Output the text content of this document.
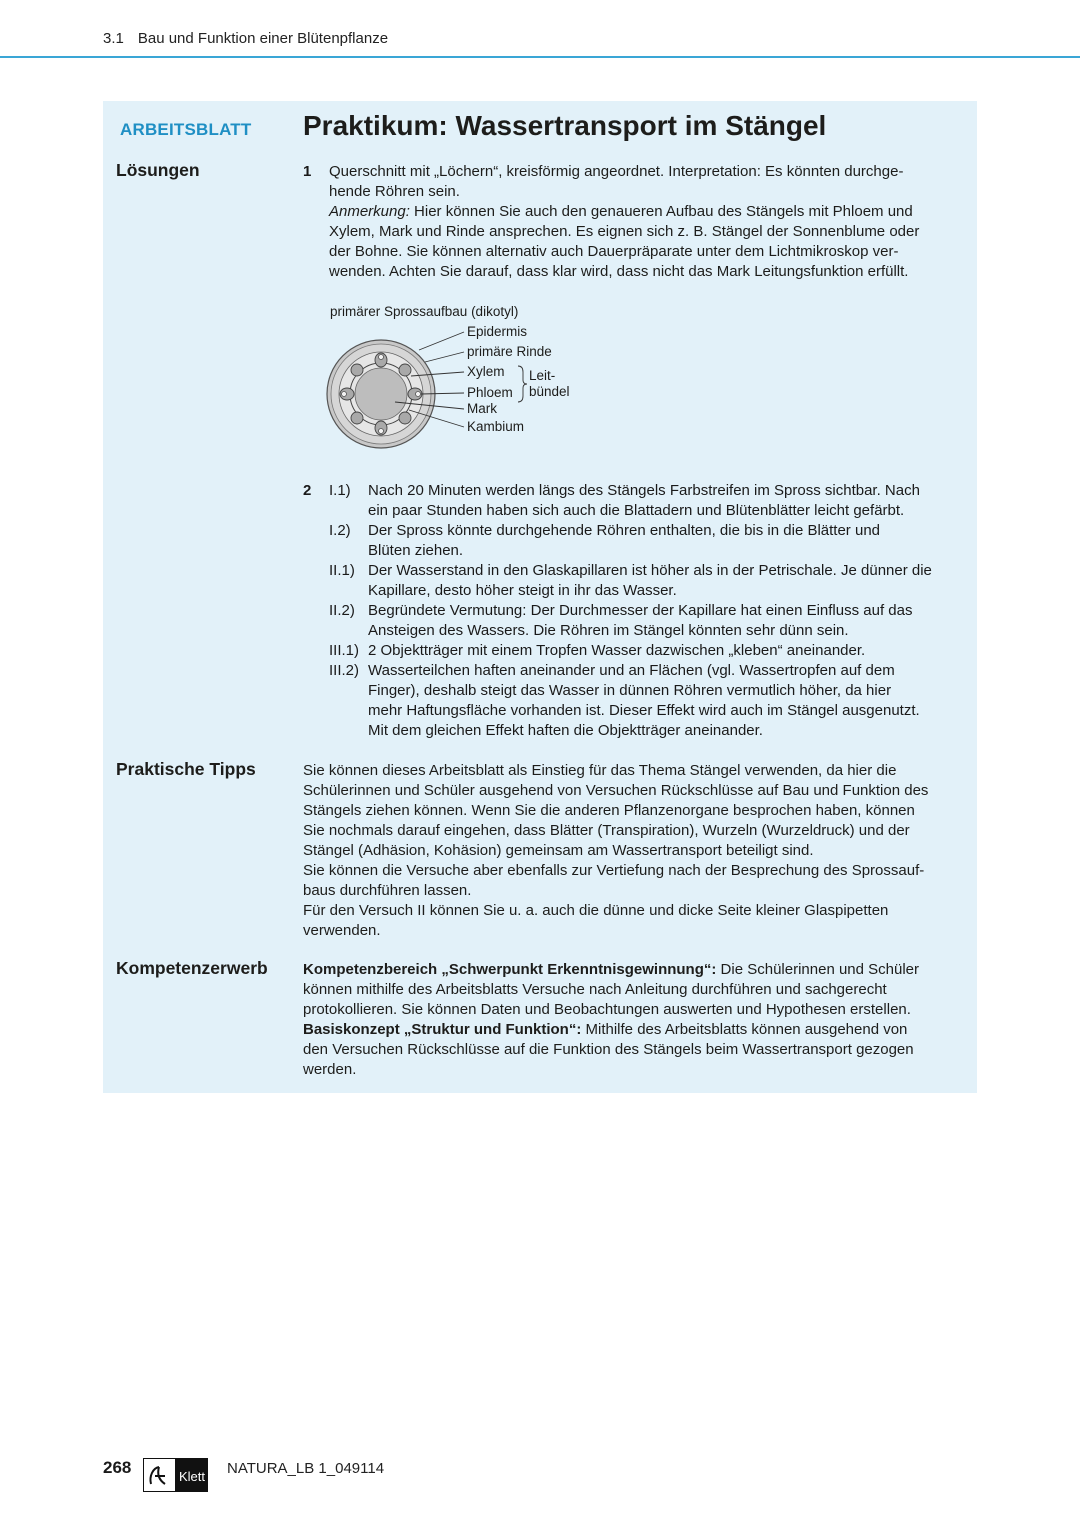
3.1 Bau und Funktion einer Blütenpflanze
ARBEITSBLATT Praktikum: Wassertransport im Stängel
Lösungen	1 Querschnitt mit „Löchern“, kreisförmig angeordnet. Interpretation: Es könnten durchge-
hende Röhren sein.
Anmerkung: Hier können Sie auch den genaueren Aufbau des Stängels mit Phloem und
Xylem, Mark und Rinde ansprechen. Es eignen sich z. B. Stängel der Sonnenblume oder
der Bohne. Sie können alternativ auch Dauerpräparate unter dem Lichtmikroskop ver-
wenden. Achten Sie darauf, dass klar wird, dass nicht das Mark Leitungsfunktion erfüllt.
primärer Sprossaufbau (dikotyl)
Epidermis
primäre Rinde
Xylem
Phloem
Mark
Kambium
Leit-
bündel
2 I.1) Nach 20 Minuten werden längs des Stängels Farbstreifen im Spross sichtbar. Nach
ein paar Stunden haben sich auch die Blattadern und Blütenblätter leicht gefärbt.
I.2) Der Spross könnte durchgehende Röhren enthalten, die bis in die Blätter und
Blüten ziehen.
II.1) Der Wasserstand in den Glaskapillaren ist höher als in der Petrischale. Je dünner die
Kapillare, desto höher steigt in ihr das Wasser.
II.2) Begründete Vermutung: Der Durchmesser der Kapillare hat einen Einfluss auf das
Ansteigen des Wassers. Die Röhren im Stängel könnten sehr dünn sein.
III.1) 2 Objektträger mit einem Tropfen Wasser dazwischen „kleben“ aneinander.
III.2) Wasserteilchen haften aneinander und an Flächen (vgl. Wassertropfen auf dem
Finger), deshalb steigt das Wasser in dünnen Röhren vermutlich höher, da hier
mehr Haftungsfläche vorhanden ist. Dieser Effekt wird auch im Stängel ausgenutzt.
Mit dem gleichen Effekt haften die Objektträger aneinander.
Praktische Tipps	Sie können dieses Arbeitsblatt als Einstieg für das Thema Stängel verwenden, da hier die
Schülerinnen und Schüler ausgehend von Versuchen Rückschlüsse auf Bau und Funktion des
Stängels ziehen können. Wenn Sie die anderen Pflanzenorgane besprochen haben, können
Sie nochmals darauf eingehen, dass Blätter (Transpiration), Wurzeln (Wurzeldruck) und der
Stängel (Adhäsion, Kohäsion) gemeinsam am Wassertransport beteiligt sind.
Sie können die Versuche aber ebenfalls zur Vertiefung nach der Besprechung des Sprossauf-
baus durchführen lassen.
Für den Versuch II können Sie u. a. auch die dünne und dicke Seite kleiner Glaspipetten
verwenden.
Kompetenzerwerb Kompetenzbereich „Schwerpunkt Erkenntnisgewinnung“: Die Schülerinnen und Schüler
können mithilfe des Arbeitsblatts Versuche nach Anleitung durchführen und sachgerecht
protokollieren. Sie können Daten und Beobachtungen auswerten und Hypothesen erstellen.
Basiskonzept „Struktur und Funktion“: Mithilfe des Arbeitsblatts können ausgehend von
den Versuchen Rückschlüsse auf die Funktion des Stängels beim Wassertransport gezogen
werden.
268	Klett NATURA_LB 1_049114
